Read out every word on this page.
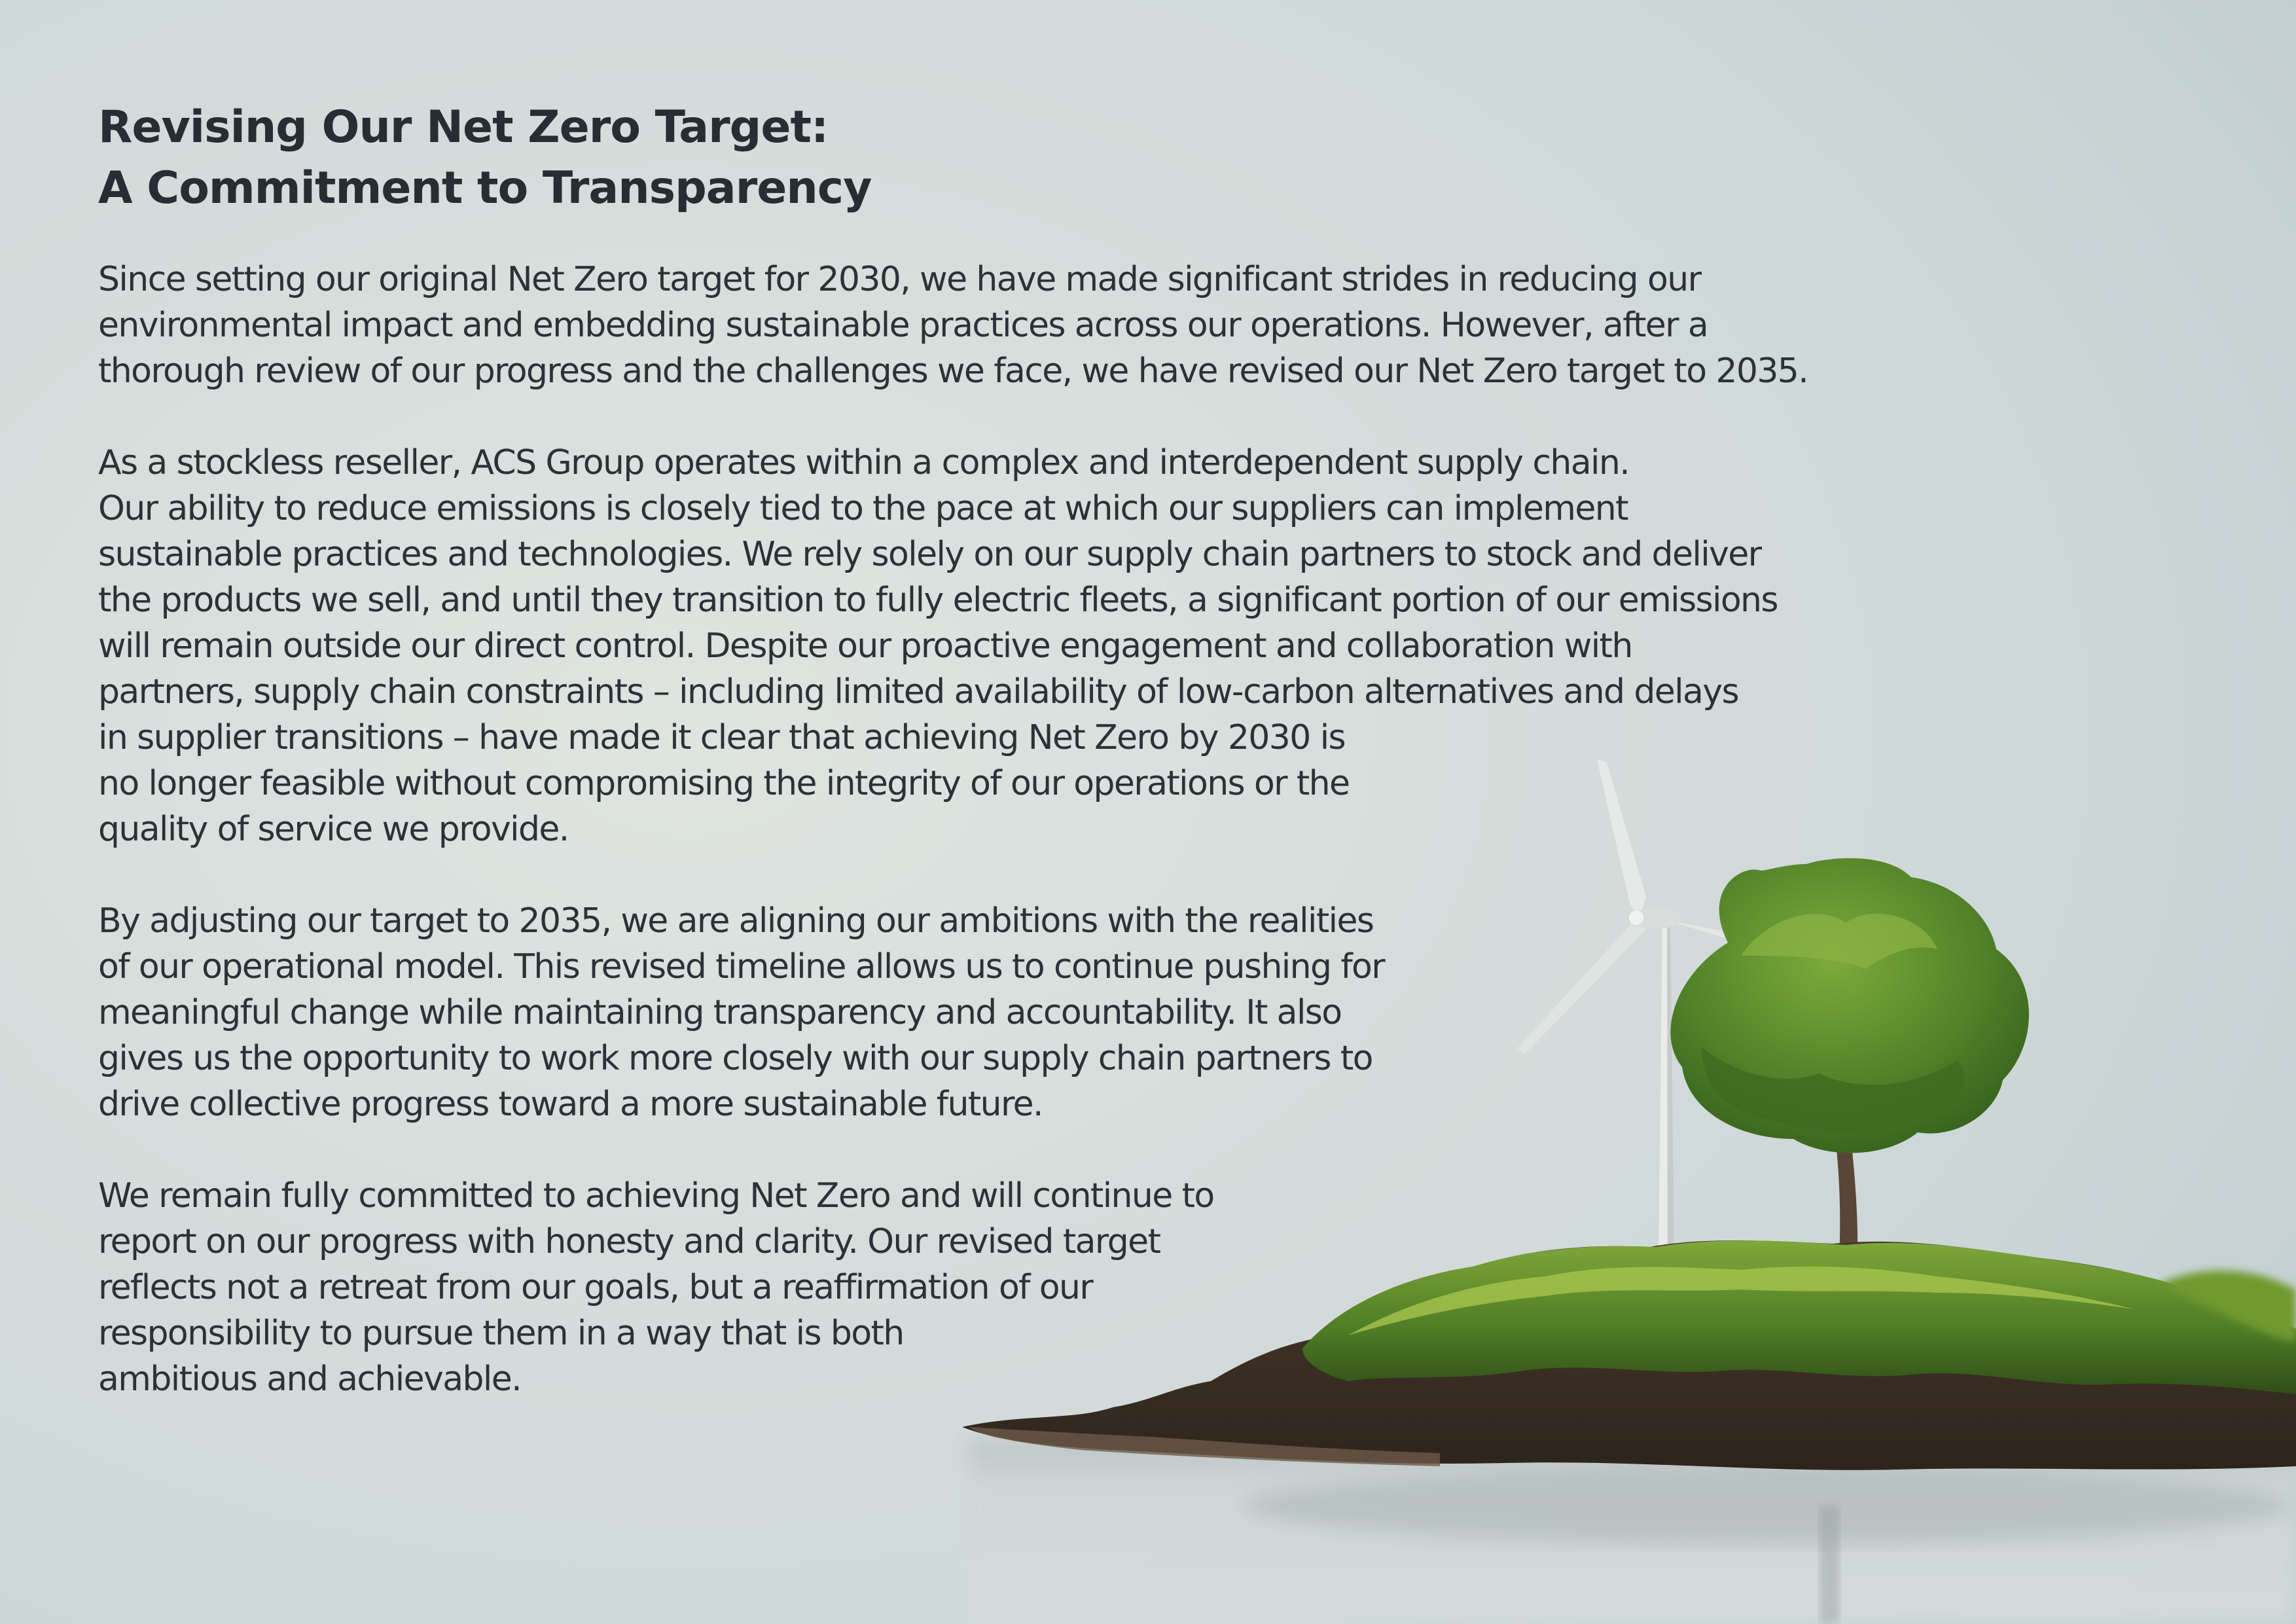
Revising Our Net Zero Target:
A Commitment to Transparency

Since setting our original Net Zero target for 2030, we have made significant strides in reducing our
environmental impact and embedding sustainable practices across our operations. However, after a
thorough review of our progress and the challenges we face, we have revised our Net Zero target to 2035.

As a stockless reseller, ACS Group operates within a complex and interdependent supply chain.
Our ability to reduce emissions is closely tied to the pace at which our suppliers can implement
sustainable practices and technologies. We rely solely on our supply chain partners to stock and deliver
the products we sell, and until they transition to fully electric fleets, a significant portion of our emissions
will remain outside our direct control. Despite our proactive engagement and collaboration with
partners, supply chain constraints – including limited availability of low-carbon alternatives and delays
in supplier transitions – have made it clear that achieving Net Zero by 2030 is
no longer feasible without compromising the integrity of our operations or the
quality of service we provide.

By adjusting our target to 2035, we are aligning our ambitions with the realities
of our operational model. This revised timeline allows us to continue pushing for
meaningful change while maintaining transparency and accountability. It also
gives us the opportunity to work more closely with our supply chain partners to
drive collective progress toward a more sustainable future.

We remain fully committed to achieving Net Zero and will continue to
report on our progress with honesty and clarity. Our revised target
reflects not a retreat from our goals, but a reaffirmation of our
responsibility to pursue them in a way that is both
ambitious and achievable.
